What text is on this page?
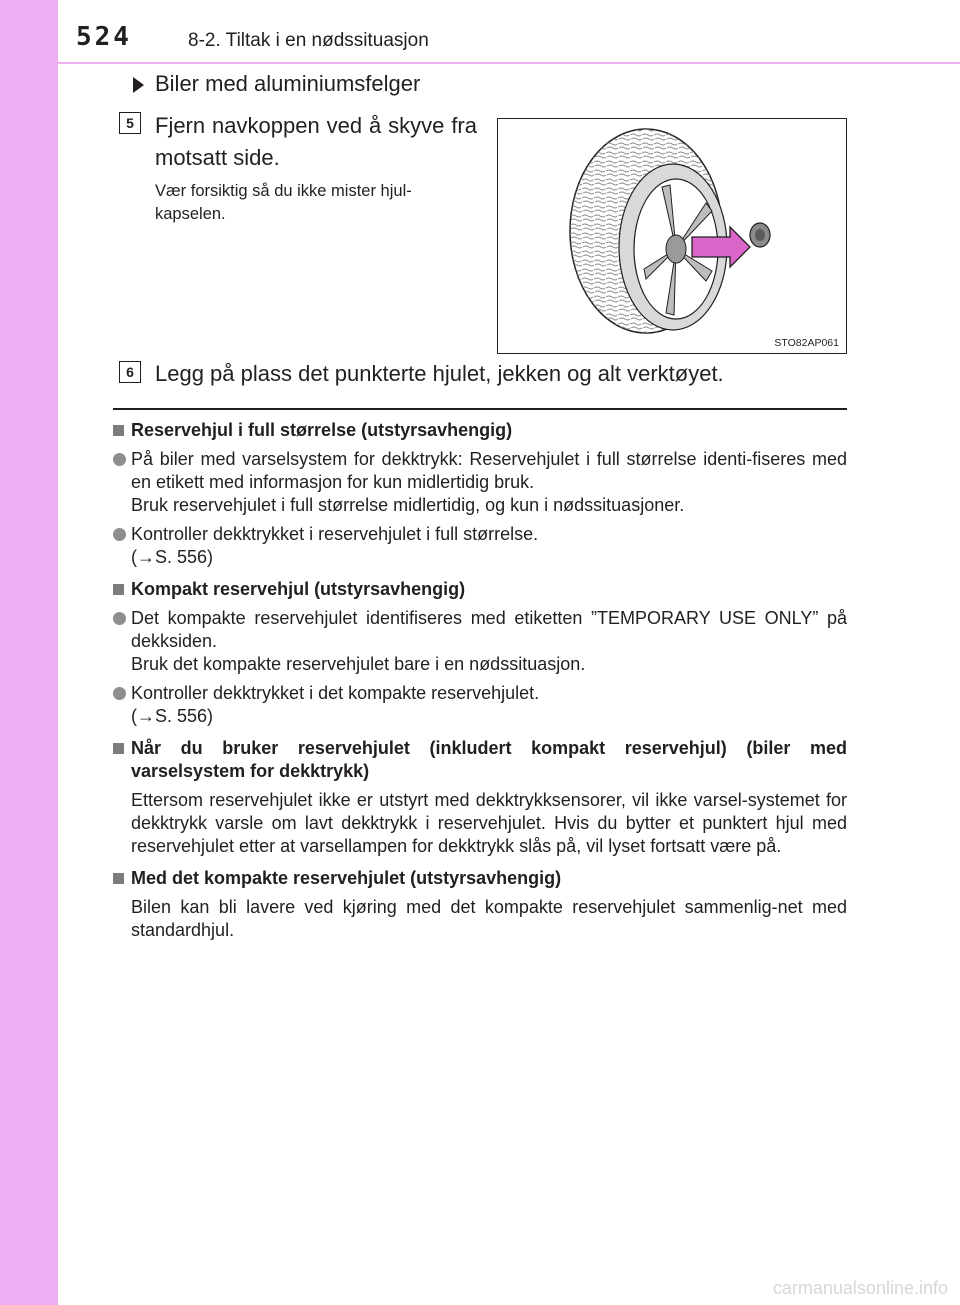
524	8-2. Tiltak i en nødssituasjon
Biler med aluminiumsfelger
5 Fjern navkoppen ved å skyve fra motsatt side.
Vær forsiktig så du ikke mister hjul-kapselen.
STO82AP061
6 Legg på plass det punkterte hjulet, jekken og alt verktøyet.
Reservehjul i full størrelse (utstyrsavhengig)
På biler med varselsystem for dekktrykk: Reservehjulet i full størrelse identi-fiseres med en etikett med informasjon for kun midlertidig bruk.
Bruk reservehjulet i full størrelse midlertidig, og kun i nødssituasjoner.
Kontroller dekktrykket i reservehjulet i full størrelse.
(→S. 556)
Kompakt reservehjul (utstyrsavhengig)
Det kompakte reservehjulet identifiseres med etiketten ”TEMPORARY USE ONLY” på dekksiden.
Bruk det kompakte reservehjulet bare i en nødssituasjon.
Kontroller dekktrykket i det kompakte reservehjulet.
(→S. 556)
Når du bruker reservehjulet (inkludert kompakt reservehjul) (biler med varselsystem for dekktrykk)
Ettersom reservehjulet ikke er utstyrt med dekktrykksensorer, vil ikke varsel-systemet for dekktrykk varsle om lavt dekktrykk i reservehjulet. Hvis du bytter et punktert hjul med reservehjulet etter at varsellampen for dekktrykk slås på, vil lyset fortsatt være på.
Med det kompakte reservehjulet (utstyrsavhengig)
Bilen kan bli lavere ved kjøring med det kompakte reservehjulet sammenlig-net med standardhjul.
carmanualsonline.info
